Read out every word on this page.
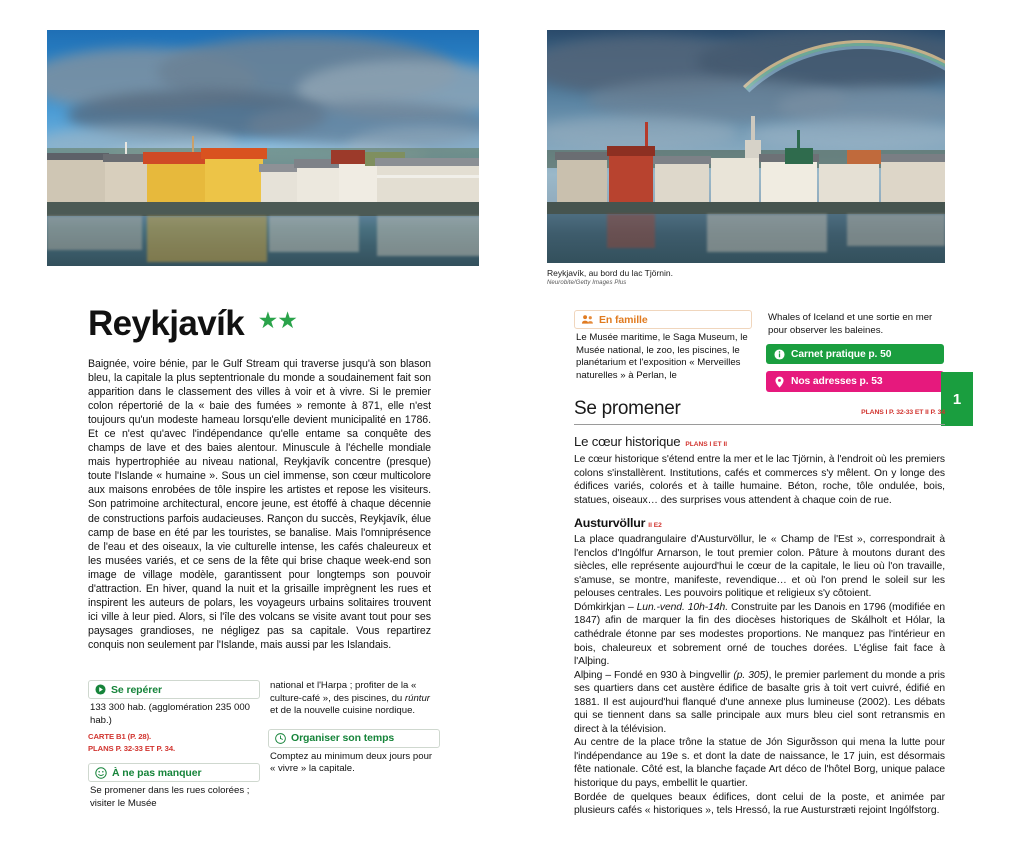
Reykjavík, au bord du lac Tjörnin.
Neurobite/Getty Images Plus
Reykjavík ★★
Baignée, voire bénie, par le Gulf Stream qui traverse jusqu'à son blason bleu, la capitale la plus septentrionale du monde a soudainement fait son apparition dans le classement des villes à voir et à vivre. Si le premier colon répertorié de la « baie des fumées » remonte à 871, elle n'est toujours qu'un modeste hameau lorsqu'elle devient municipalité en 1786. Et ce n'est qu'avec l'indépendance qu'elle entame sa conquête des champs de lave et des baies alentour. Minuscule à l'échelle mondiale mais hypertrophiée au niveau national, Reykjavík concentre (presque) toute l'Islande « humaine ». Sous un ciel immense, son cœur multicolore aux maisons enrobées de tôle inspire les artistes et repose les visiteurs. Son patrimoine architectural, encore jeune, est étoffé à chaque décennie de constructions parfois audacieuses. Rançon du succès, Reykjavík, élue camp de base en été par les touristes, se banalise. Mais l'omniprésence de l'eau et des oiseaux, la vie culturelle intense, les cafés chaleureux et les musées variés, et ce sens de la fête qui brise chaque week-end son image de village modèle, garantissent pour longtemps son pouvoir d'attraction. En hiver, quand la nuit et la grisaille imprègnent les rues et inspirent les auteurs de polars, les voyageurs urbains solitaires trouvent ici ville à leur pied. Alors, si l'île des volcans se visite avant tout pour ses paysages grandioses, ne négligez pas sa capitale. Vous repartirez conquis non seulement par l'Islande, mais aussi par les Islandais.
Se repérer
133 300 hab. (agglomération 235 000 hab.)
CARTE B1 (P. 28).
PLANS P. 32-33 ET P. 34.
À ne pas manquer
Se promener dans les rues colorées ; visiter le Musée
national et l'Harpa ; profiter de la « culture-café », des piscines, du rúntur et de la nouvelle cuisine nordique.
Organiser son temps
Comptez au minimum deux jours pour « vivre » la capitale.
En famille
Le Musée maritime, le Saga Museum, le Musée national, le zoo, les piscines, le planétarium et l'exposition « Merveilles naturelles » à Perlan, le
Whales of Iceland et une sortie en mer pour observer les baleines.
Carnet pratique p. 50
Nos adresses p. 53
1
Se promener	PLANS I P. 32-33 ET II P. 34
Le cœur historique PLANS I ET II
Le cœur historique s'étend entre la mer et le lac Tjörnin, à l'endroit où les premiers colons s'installèrent. Institutions, cafés et commerces s'y mêlent. On y longe des édifices variés, colorés et à taille humaine. Béton, roche, tôle ondulée, bois, statues, oiseaux… des surprises vous attendent à chaque coin de rue.
Austurvöllur II E2
La place quadrangulaire d'Austurvöllur, le « Champ de l'Est », correspondrait à l'enclos d'Ingólfur Arnarson, le tout premier colon. Pâture à moutons durant des siècles, elle représente aujourd'hui le cœur de la capitale, le lieu où l'on travaille, s'amuse, se montre, manifeste, revendique… et où l'on prend le soleil sur les pelouses centrales. Les pouvoirs politique et religieux s'y côtoient.
Dómkirkjan – Lun.-vend. 10h-14h. Construite par les Danois en 1796 (modifiée en 1847) afin de marquer la fin des diocèses historiques de Skálholt et Hólar, la cathédrale étonne par ses modestes proportions. Ne manquez pas l'intérieur en bois, chaleureux et sobrement orné de touches dorées. L'église fait face à l'Alþing.
Alþing – Fondé en 930 à Þingvellir (p. 305), le premier parlement du monde a pris ses quartiers dans cet austère édifice de basalte gris à toit vert cuivré, édifié en 1881. Il est aujourd'hui flanqué d'une annexe plus lumineuse (2002). Les débats qui se tiennent dans sa salle principale aux murs bleu ciel sont retransmis en direct à la télévision.
Au centre de la place trône la statue de Jón Sigurðsson qui mena la lutte pour l'indépendance au 19e s. et dont la date de naissance, le 17 juin, est désormais fête nationale. Côté est, la blanche façade Art déco de l'hôtel Borg, unique palace historique du pays, embellit le quartier.
Bordée de quelques beaux édifices, dont celui de la poste, et animée par plusieurs cafés « historiques », tels Hressó, la rue Austurstræti rejoint Ingólfstorg.
